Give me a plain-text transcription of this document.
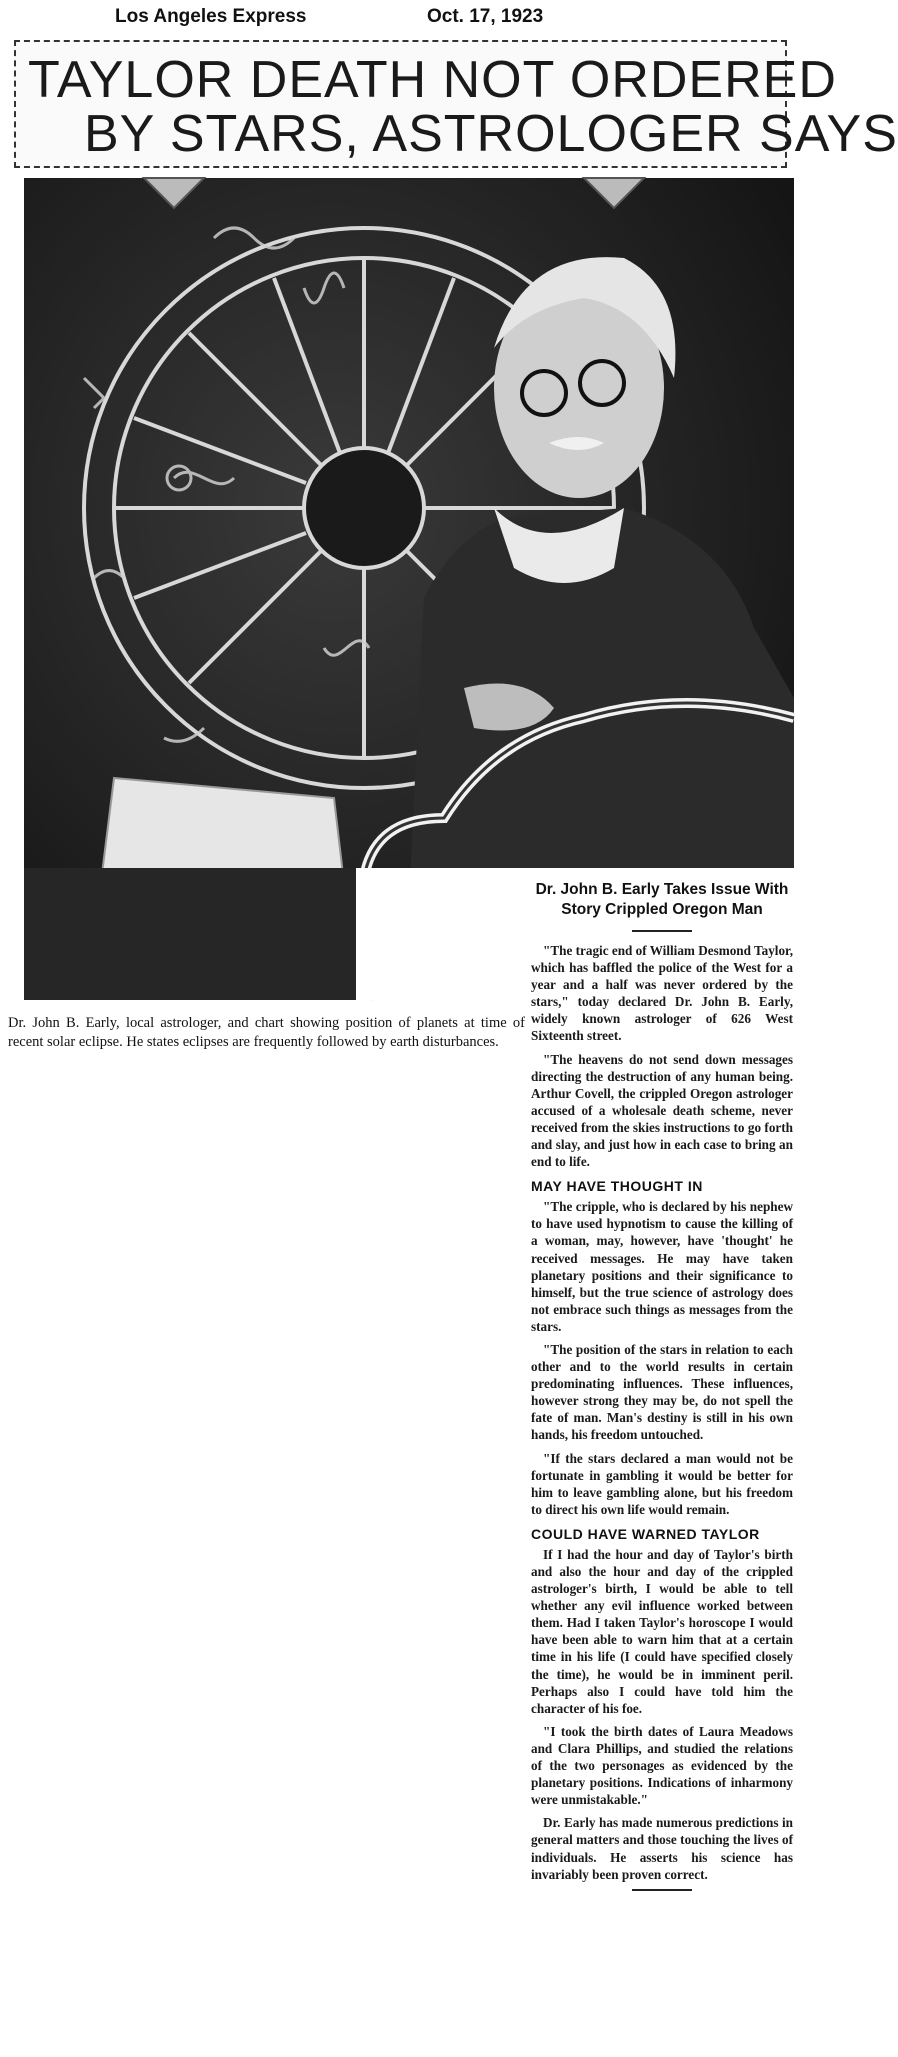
Los Angeles Express	Oct. 17, 1923
TAYLOR DEATH NOT ORDERED
BY STARS, ASTROLOGER SAYS
Dr. John B. Early, local astrologer, and chart showing position of planets at time of recent solar eclipse. He states eclipses are frequently followed by earth disturbances.
Dr. John B. Early Takes Issue With Story Crippled Oregon Man

"The tragic end of William Desmond Taylor, which has baffled the police of the West for a year and a half was never ordered by the stars," today declared Dr. John B. Early, widely known astrologer of 626 West Sixteenth street.

"The heavens do not send down messages directing the destruction of any human being. Arthur Covell, the crippled Oregon astrologer accused of a wholesale death scheme, never received from the skies instructions to go forth and slay, and just how in each case to bring an end to life.

MAY HAVE THOUGHT IN

"The cripple, who is declared by his nephew to have used hypnotism to cause the killing of a woman, may, however, have 'thought' he received messages. He may have taken planetary positions and their significance to himself, but the true science of astrology does not embrace such things as messages from the stars.

"The position of the stars in relation to each other and to the world results in certain predominating influences. These influences, however strong they may be, do not spell the fate of man. Man's destiny is still in his own hands, his freedom untouched.

"If the stars declared a man would not be fortunate in gambling it would be better for him to leave gambling alone, but his freedom to direct his own life would remain.

COULD HAVE WARNED TAYLOR

If I had the hour and day of Taylor's birth and also the hour and day of the crippled astrologer's birth, I would be able to tell whether any evil influence worked between them. Had I taken Taylor's horoscope I would have been able to warn him that at a certain time in his life (I could have specified closely the time), he would be in imminent peril. Perhaps also I could have told him the character of his foe.

"I took the birth dates of Laura Meadows and Clara Phillips, and studied the relations of the two personages as evidenced by the planetary positions. Indications of inharmony were unmistakable."

Dr. Early has made numerous predictions in general matters and those touching the lives of individuals. He asserts his science has invariably been proven correct.
